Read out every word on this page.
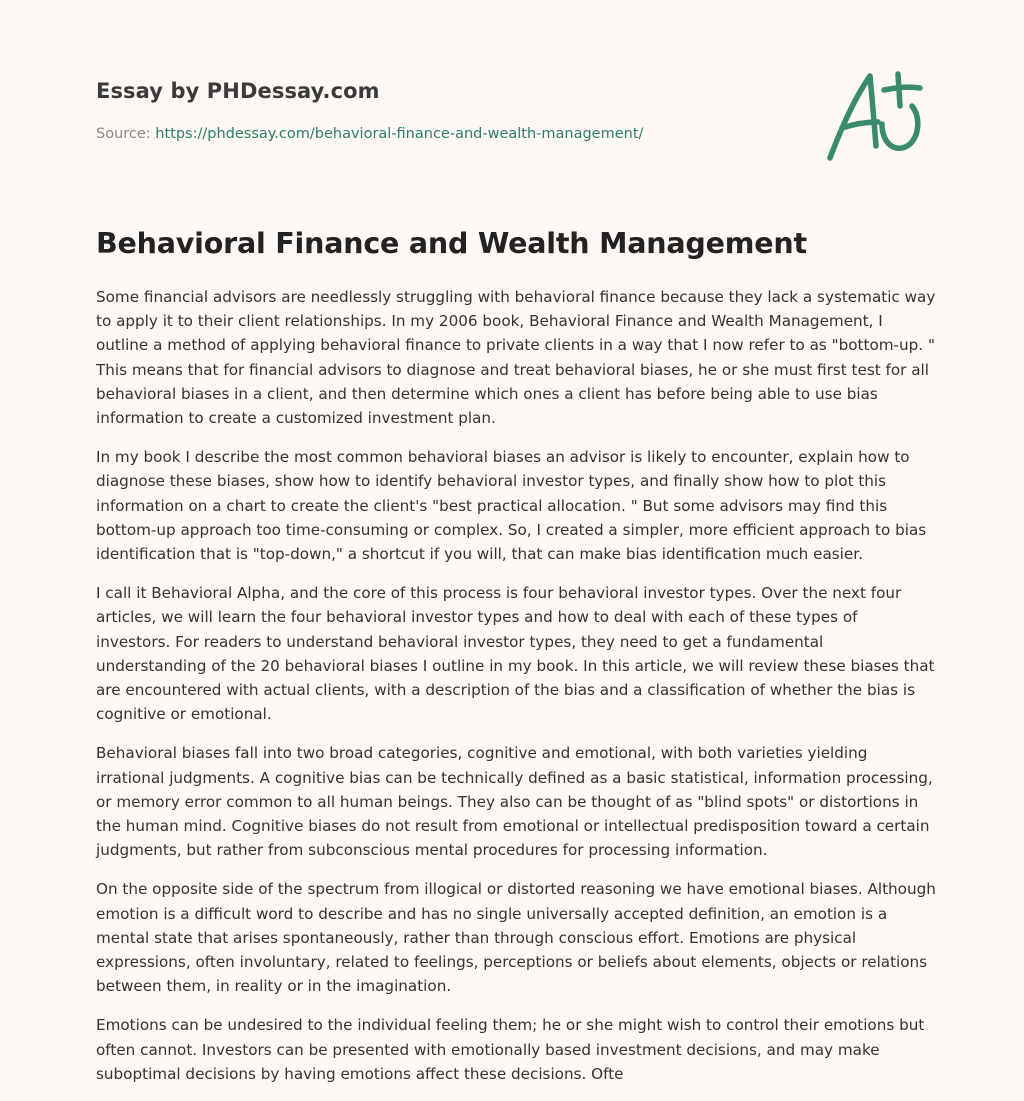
Essay by PHDessay.com
Source: https://phdessay.com/behavioral-finance-and-wealth-management/
Behavioral Finance and Wealth Management

Some financial advisors are needlessly struggling with behavioral finance because they lack a systematic way to apply it to their client relationships. In my 2006 book, Behavioral Finance and Wealth Management, I outline a method of applying behavioral finance to private clients in a way that I now refer to as "bottom-up. " This means that for financial advisors to diagnose and treat behavioral biases, he or she must first test for all behavioral biases in a client, and then determine which ones a client has before being able to use bias information to create a customized investment plan.

In my book I describe the most common behavioral biases an advisor is likely to encounter, explain how to diagnose these biases, show how to identify behavioral investor types, and finally show how to plot this information on a chart to create the client's "best practical allocation. " But some advisors may find this bottom-up approach too time-consuming or complex. So, I created a simpler, more efficient approach to bias identification that is "top-down," a shortcut if you will, that can make bias identification much easier.

I call it Behavioral Alpha, and the core of this process is four behavioral investor types. Over the next four articles, we will learn the four behavioral investor types and how to deal with each of these types of investors. For readers to understand behavioral investor types, they need to get a fundamental understanding of the 20 behavioral biases I outline in my book. In this article, we will review these biases that are encountered with actual clients, with a description of the bias and a classification of whether the bias is cognitive or emotional.

Behavioral biases fall into two broad categories, cognitive and emotional, with both varieties yielding irrational judgments. A cognitive bias can be technically defined as a basic statistical, information processing, or memory error common to all human beings. They also can be thought of as "blind spots" or distortions in the human mind. Cognitive biases do not result from emotional or intellectual predisposition toward a certain judgments, but rather from subconscious mental procedures for processing information.

On the opposite side of the spectrum from illogical or distorted reasoning we have emotional biases. Although emotion is a difficult word to describe and has no single universally accepted definition, an emotion is a mental state that arises spontaneously, rather than through conscious effort. Emotions are physical expressions, often involuntary, related to feelings, perceptions or beliefs about elements, objects or relations between them, in reality or in the imagination.

Emotions can be undesired to the individual feeling them; he or she might wish to control their emotions but often cannot. Investors can be presented with emotionally based investment decisions, and may make suboptimal decisions by having emotions affect these decisions. Ofte
